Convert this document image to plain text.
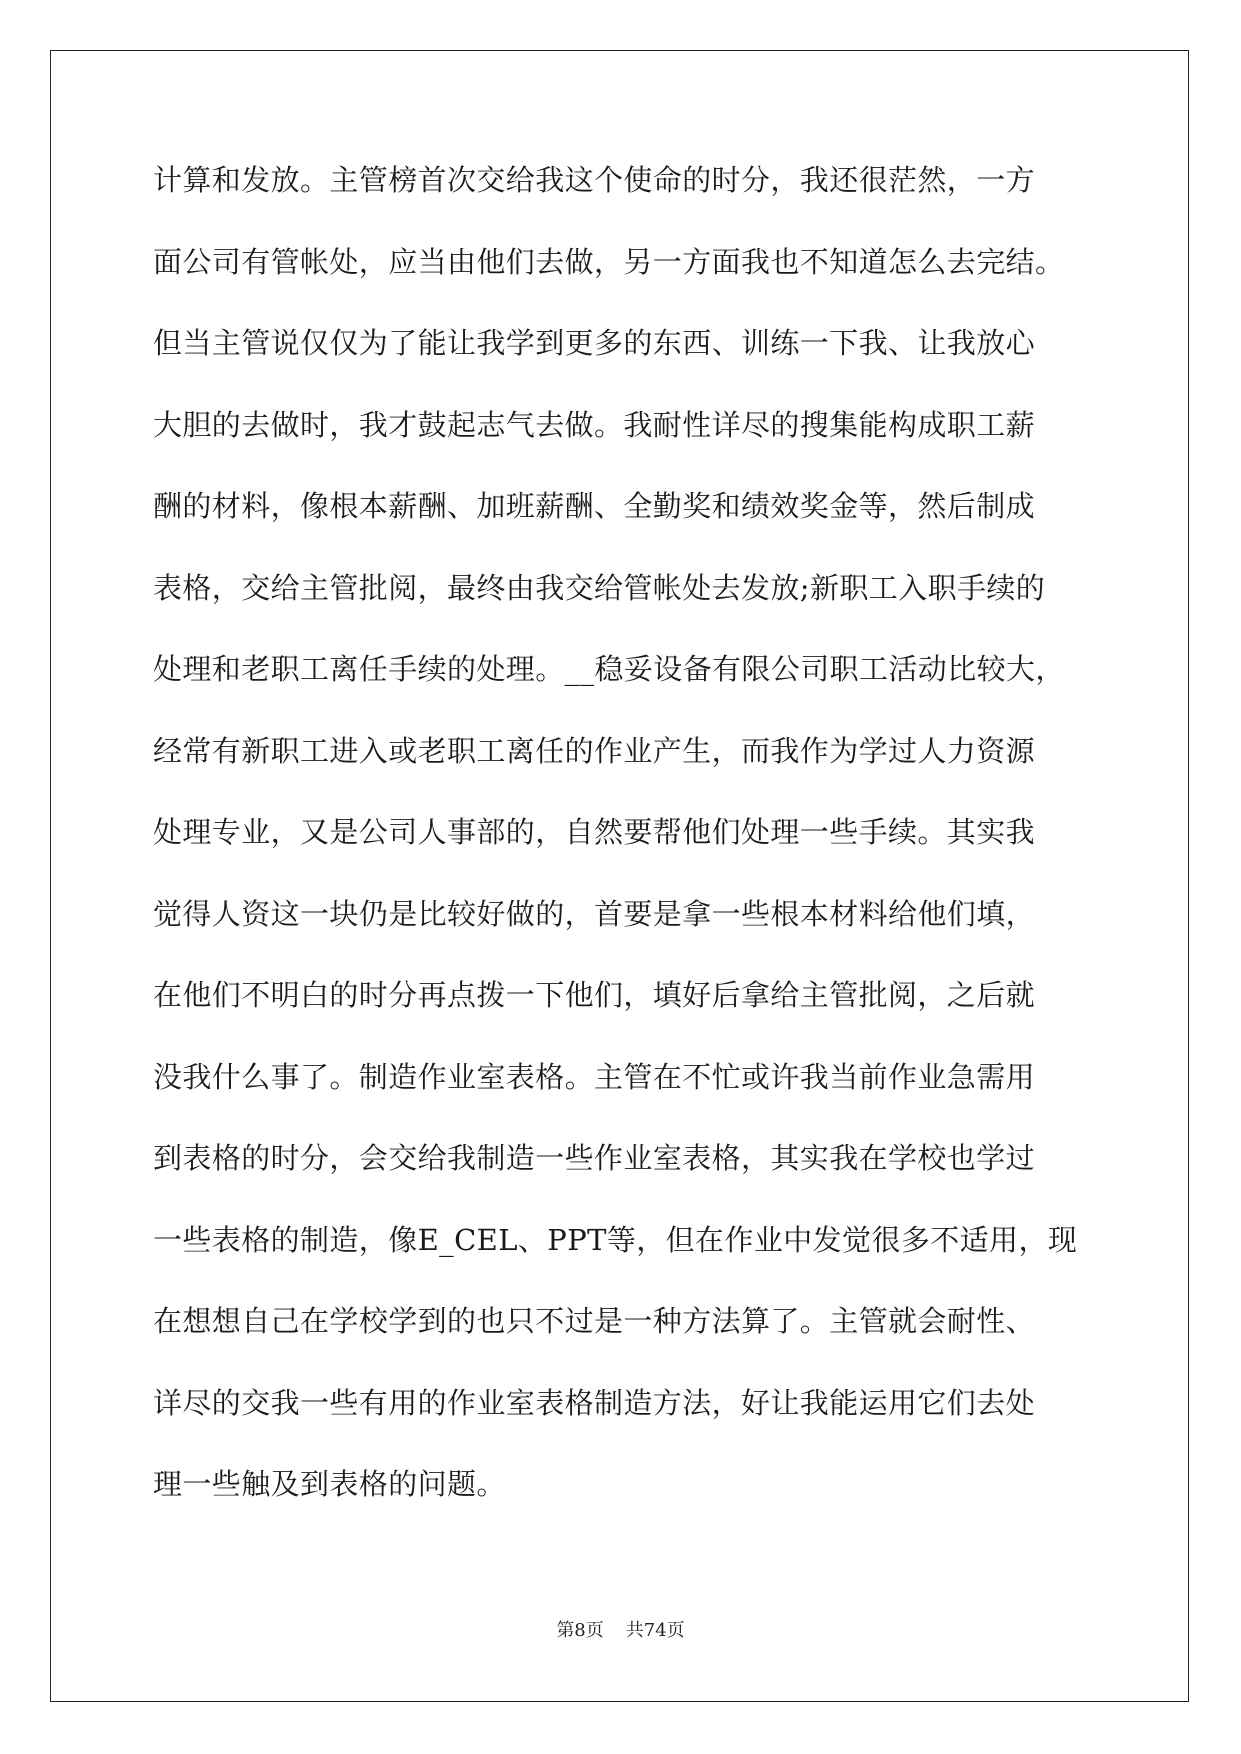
计算和发放。主管榜首次交给我这个使命的时分，我还很茫然，一方
面公司有管帐处，应当由他们去做，另一方面我也不知道怎么去完结。
但当主管说仅仅为了能让我学到更多的东西、训练一下我、让我放心
大胆的去做时，我才鼓起志气去做。我耐性详尽的搜集能构成职工薪
酬的材料，像根本薪酬、加班薪酬、全勤奖和绩效奖金等，然后制成
表格，交给主管批阅，最终由我交给管帐处去发放;新职工入职手续的
处理和老职工离任手续的处理。__稳妥设备有限公司职工活动比较大，
经常有新职工进入或老职工离任的作业产生，而我作为学过人力资源
处理专业，又是公司人事部的，自然要帮他们处理一些手续。其实我
觉得人资这一块仍是比较好做的，首要是拿一些根本材料给他们填，
在他们不明白的时分再点拨一下他们，填好后拿给主管批阅，之后就
没我什么事了。制造作业室表格。主管在不忙或许我当前作业急需用
到表格的时分，会交给我制造一些作业室表格，其实我在学校也学过
一些表格的制造，像E_CEL、PPT等，但在作业中发觉很多不适用，现
在想想自己在学校学到的也只不过是一种方法算了。主管就会耐性、
详尽的交我一些有用的作业室表格制造方法，好让我能运用它们去处
理一些触及到表格的问题。
第8页 共74页
